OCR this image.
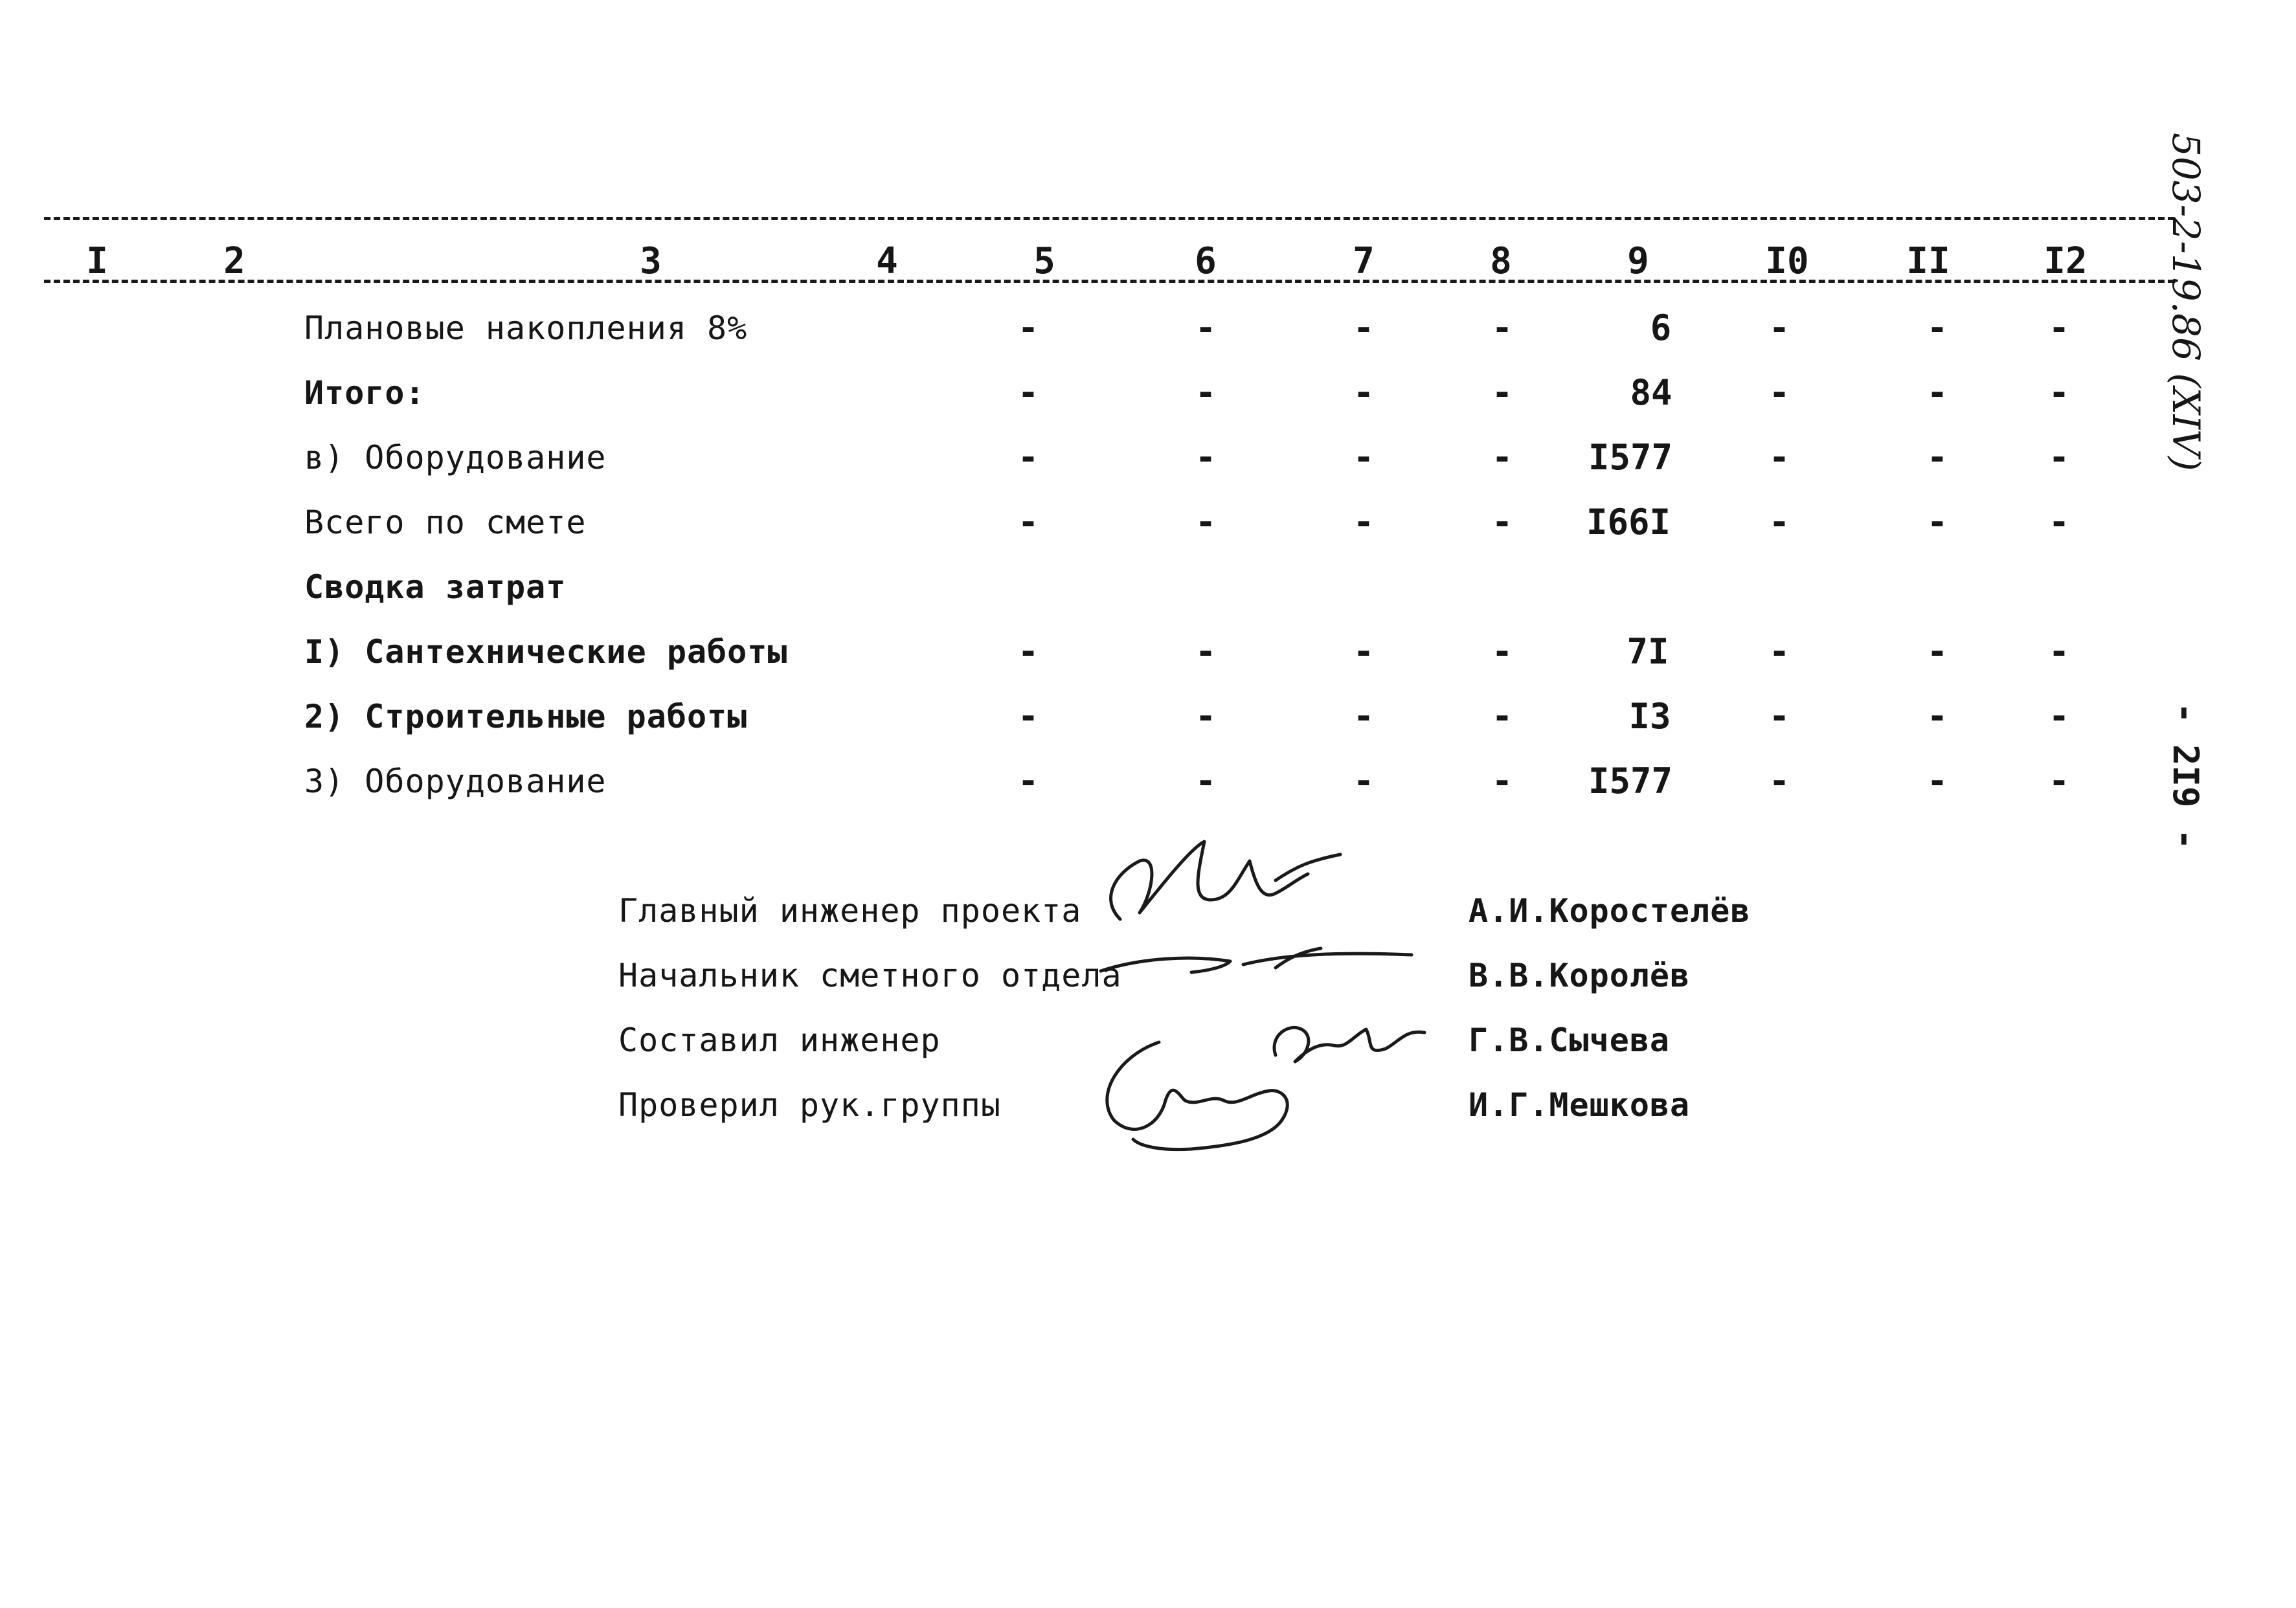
I	2	3	4	5	6	7	8	9	I0	II	I2
Плановые накопления 8%	-	-	-	-	6	-	-	-
Итого:	-	-	-	-	84	-	-	-
в) Оборудование	-	-	-	- I577	-	-	-
Всего по смете	-	-	-	- I66I	-	-	-
Сводка затрат
I) Сантехнические работы	-	-	-	-	7I	-	-	-
2) Строительные работы	-	-	-	-	I3	-	-	-
3) Оборудование	-	-	-	- I577	-	-	-
Главный инженер проекта	А.И.Коростелёв
Начальник сметного отдела	В.В.Королёв
Составил инженер	Г.В.Сычева
Проверил рук.группы	И.Г.Мешкова
503-2-19.86 (XIV)
- 2I9 -
